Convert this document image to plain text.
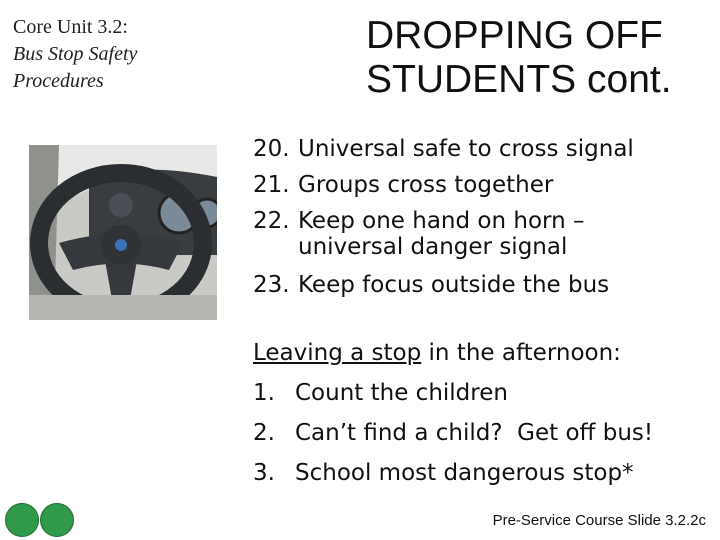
Core Unit 3.2:
Bus Stop Safety
Procedures
DROPPING OFF
STUDENTS cont.
20. Universal safe to cross signal
21. Groups cross together
22. Keep one hand on horn –
universal danger signal
23. Keep focus outside the bus
Leaving a stop in the afternoon:
1. Count the children
2. Can’t find a child?  Get off bus!
3. School most dangerous stop*
Pre-Service Course Slide 3.2.2c
